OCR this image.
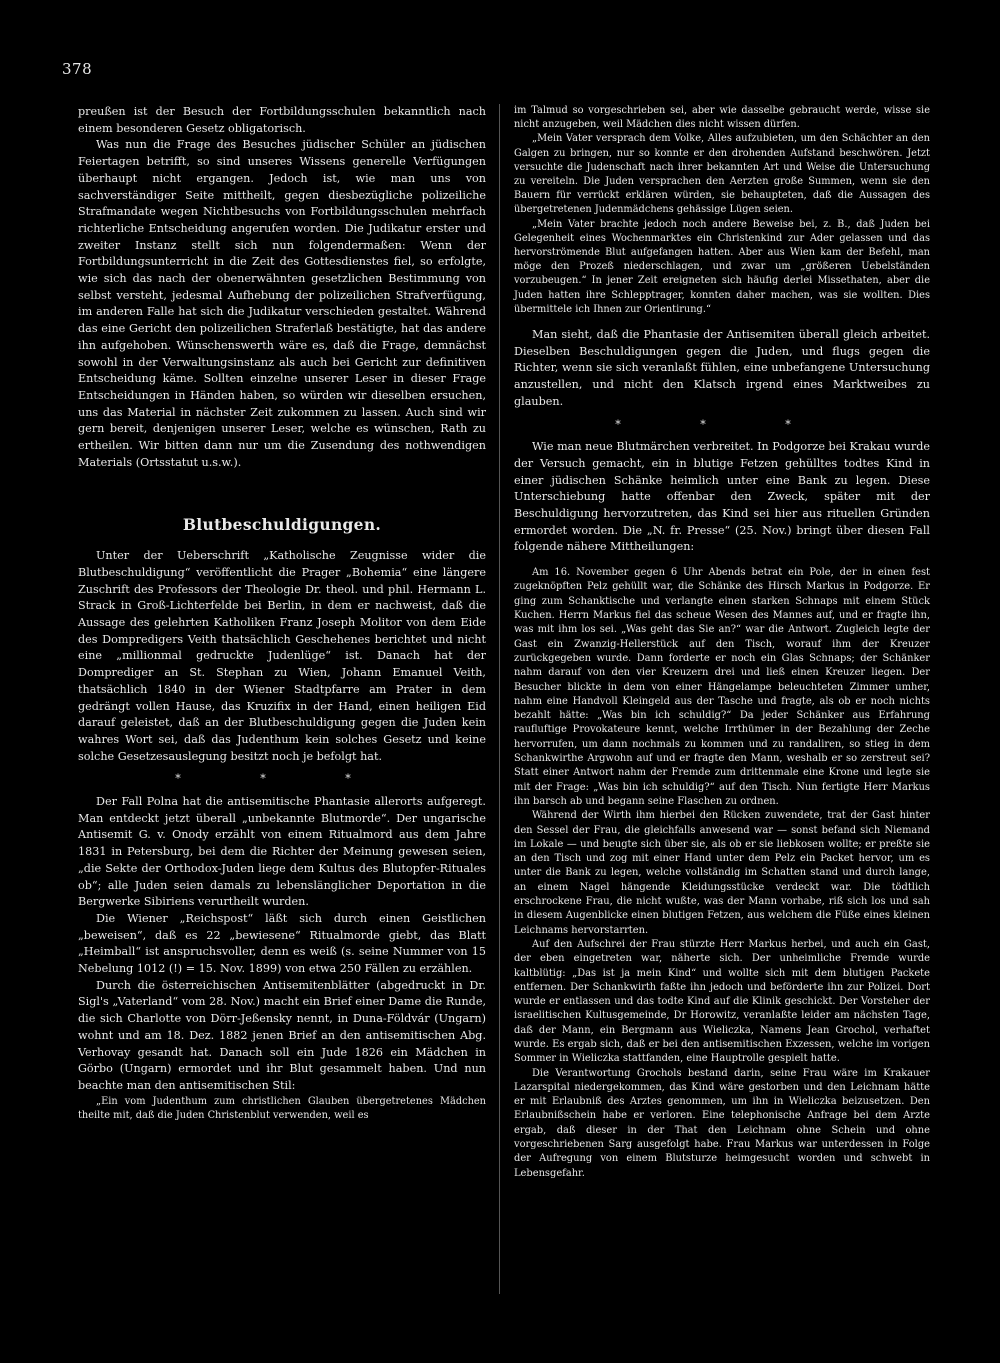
378

preußen ist der Besuch der Fortbildungsschulen bekanntlich nach einem besonderen Gesetz obligatorisch.

Was nun die Frage des Besuches jüdischer Schüler an jüdischen Feiertagen betrifft, so sind unseres Wissens generelle Verfügungen überhaupt nicht ergangen. Jedoch ist, wie man uns von sachverständiger Seite mittheilt, gegen diesbezügliche polizeiliche Strafmandate wegen Nichtbesuchs von Fortbildungsschulen mehrfach richterliche Entscheidung angerufen worden. Die Judikatur erster und zweiter Instanz stellt sich nun folgendermaßen: Wenn der Fortbildungsunterricht in die Zeit des Gottesdienstes fiel, so erfolgte, wie sich das nach der obenerwähnten gesetzlichen Bestimmung von selbst versteht, jedesmal Aufhebung der polizeilichen Strafverfügung, im anderen Falle hat sich die Judikatur verschieden gestaltet. Während das eine Gericht den polizeilichen Straferlaß bestätigte, hat das andere ihn aufgehoben. Wünschenswerth wäre es, daß die Frage, demnächst sowohl in der Verwaltungsinstanz als auch bei Gericht zur definitiven Entscheidung käme. Sollten einzelne unserer Leser in dieser Frage Entscheidungen in Händen haben, so würden wir dieselben ersuchen, uns das Material in nächster Zeit zukommen zu lassen. Auch sind wir gern bereit, denjenigen unserer Leser, welche es wünschen, Rath zu ertheilen. Wir bitten dann nur um die Zusendung des nothwendigen Materials (Ortsstatut u.s.w.).

Blutbeschuldigungen.

Unter der Ueberschrift „Katholische Zeugnisse wider die Blutbeschuldigung“ veröffentlicht die Prager „Bohemia“ eine längere Zuschrift des Professors der Theologie Dr. theol. und phil. Hermann L. Strack in Groß-Lichterfelde bei Berlin, in dem er nachweist, daß die Aussage des gelehrten Katholiken Franz Joseph Molitor von dem Eide des Dompredigers Veith thatsächlich Geschehenes berichtet und nicht eine „millionmal gedruckte Judenlüge“ ist. Danach hat der Domprediger an St. Stephan zu Wien, Johann Emanuel Veith, thatsächlich 1840 in der Wiener Stadtpfarre am Prater in dem gedrängt vollen Hause, das Kruzifix in der Hand, einen heiligen Eid darauf geleistet, daß an der Blutbeschuldigung gegen die Juden kein wahres Wort sei, daß das Judenthum kein solches Gesetz und keine solche Gesetzesauslegung besitzt noch je befolgt hat.

* * *

Der Fall Polna hat die antisemitische Phantasie allerorts aufgeregt. Man entdeckt jetzt überall „unbekannte Blutmorde“. Der ungarische Antisemit G. v. Onody erzählt von einem Ritualmord aus dem Jahre 1831 in Petersburg, bei dem die Richter der Meinung gewesen seien, „die Sekte der Orthodox-Juden liege dem Kultus des Blutopfer-Rituales ob“; alle Juden seien damals zu lebenslänglicher Deportation in die Bergwerke Sibiriens verurtheilt wurden.

Die Wiener „Reichspost“ läßt sich durch einen Geistlichen „beweisen“, daß es 22 „bewiesene“ Ritualmorde giebt, das Blatt „Heimball“ ist anspruchsvoller, denn es weiß (s. seine Nummer von 15 Nebelung 1012 (!) = 15. Nov. 1899) von etwa 250 Fällen zu erzählen.

Durch die österreichischen Antisemitenblätter (abgedruckt in Dr. Sigl's „Vaterland“ vom 28. Nov.) macht ein Brief einer Dame die Runde, die sich Charlotte von Dörr-Jeßensky nennt, in Duna-Földvár (Ungarn) wohnt und am 18. Dez. 1882 jenen Brief an den antisemitischen Abg. Verhovay gesandt hat. Danach soll ein Jude 1826 ein Mädchen in Görbo (Ungarn) ermordet und ihr Blut gesammelt haben. Und nun beachte man den antisemitischen Stil:

„Ein vom Judenthum zum christlichen Glauben übergetretenes Mädchen theilte mit, daß die Juden Christenblut verwenden, weil es

im Talmud so vorgeschrieben sei, aber wie dasselbe gebraucht werde, wisse sie nicht anzugeben, weil Mädchen dies nicht wissen dürfen.

„Mein Vater versprach dem Volke, Alles aufzubieten, um den Schächter an den Galgen zu bringen, nur so konnte er den drohenden Aufstand beschwören. Jetzt versuchte die Judenschaft nach ihrer bekannten Art und Weise die Untersuchung zu vereiteln. Die Juden versprachen den Aerzten große Summen, wenn sie den Bauern für verrückt erklären würden, sie behaupteten, daß die Aussagen des übergetretenen Judenmädchens gehässige Lügen seien.

„Mein Vater brachte jedoch noch andere Beweise bei, z. B., daß Juden bei Gelegenheit eines Wochenmarktes ein Christenkind zur Ader gelassen und das hervorströmende Blut aufgefangen hatten. Aber aus Wien kam der Befehl, man möge den Prozeß niederschlagen, und zwar um „größeren Uebelständen vorzubeugen.“ In jener Zeit ereigneten sich häufig derlei Missethaten, aber die Juden hatten ihre Schlepptrager, konnten daher machen, was sie wollten. Dies übermittele ich Ihnen zur Orientirung.“

Man sieht, daß die Phantasie der Antisemiten überall gleich arbeitet. Dieselben Beschuldigungen gegen die Juden, und flugs gegen die Richter, wenn sie sich veranlaßt fühlen, eine unbefangene Untersuchung anzustellen, und nicht den Klatsch irgend eines Marktweibes zu glauben.

* * *

Wie man neue Blutmärchen verbreitet. In Podgorze bei Krakau wurde der Versuch gemacht, ein in blutige Fetzen gehülltes todtes Kind in einer jüdischen Schänke heimlich unter eine Bank zu legen. Diese Unterschiebung hatte offenbar den Zweck, später mit der Beschuldigung hervorzutreten, das Kind sei hier aus rituellen Gründen ermordet worden. Die „N. fr. Presse“ (25. Nov.) bringt über diesen Fall folgende nähere Mittheilungen:

Am 16. November gegen 6 Uhr Abends betrat ein Pole, der in einen fest zugeknöpften Pelz gehüllt war, die Schänke des Hirsch Markus in Podgorze. Er ging zum Schanktische und verlangte einen starken Schnaps mit einem Stück Kuchen. Herrn Markus fiel das scheue Wesen des Mannes auf, und er fragte ihn, was mit ihm los sei. „Was geht das Sie an?“ war die Antwort. Zugleich legte der Gast ein Zwanzig-Hellerstück auf den Tisch, worauf ihm der Kreuzer zurückgegeben wurde. Dann forderte er noch ein Glas Schnaps; der Schänker nahm darauf von den vier Kreuzern drei und ließ einen Kreuzer liegen. Der Besucher blickte in dem von einer Hängelampe beleuchteten Zimmer umher, nahm eine Handvoll Kleingeld aus der Tasche und fragte, als ob er noch nichts bezahlt hätte: „Was bin ich schuldig?“ Da jeder Schänker aus Erfahrung raufluftige Provokateure kennt, welche Irrthümer in der Bezahlung der Zeche hervorrufen, um dann nochmals zu kommen und zu randaliren, so stieg in dem Schankwirthe Argwohn auf und er fragte den Mann, weshalb er so zerstreut sei? Statt einer Antwort nahm der Fremde zum drittenmale eine Krone und legte sie mit der Frage: „Was bin ich schuldig?“ auf den Tisch. Nun fertigte Herr Markus ihn barsch ab und begann seine Flaschen zu ordnen.

Während der Wirth ihm hierbei den Rücken zuwendete, trat der Gast hinter den Sessel der Frau, die gleichfalls anwesend war — sonst befand sich Niemand im Lokale — und beugte sich über sie, als ob er sie liebkosen wollte; er preßte sie an den Tisch und zog mit einer Hand unter dem Pelz ein Packet hervor, um es unter die Bank zu legen, welche vollständig im Schatten stand und durch lange, an einem Nagel hängende Kleidungsstücke verdeckt war. Die tödtlich erschrockene Frau, die nicht wußte, was der Mann vorhabe, riß sich los und sah in diesem Augenblicke einen blutigen Fetzen, aus welchem die Füße eines kleinen Leichnams hervorstarrten.

Auf den Aufschrei der Frau stürzte Herr Markus herbei, und auch ein Gast, der eben eingetreten war, näherte sich. Der unheimliche Fremde wurde kaltblütig: „Das ist ja mein Kind“ und wollte sich mit dem blutigen Packete entfernen. Der Schankwirth faßte ihn jedoch und beförderte ihn zur Polizei. Dort wurde er entlassen und das todte Kind auf die Klinik geschickt. Der Vorsteher der israelitischen Kultusgemeinde, Dr Horowitz, veranlaßte leider am nächsten Tage, daß der Mann, ein Bergmann aus Wieliczka, Namens Jean Grochol, verhaftet wurde. Es ergab sich, daß er bei den antisemitischen Exzessen, welche im vorigen Sommer in Wieliczka stattfanden, eine Hauptrolle gespielt hatte.

Die Verantwortung Grochols bestand darin, seine Frau wäre im Krakauer Lazarspital niedergekommen, das Kind wäre gestorben und den Leichnam hätte er mit Erlaubniß des Arztes genommen, um ihn in Wieliczka beizusetzen. Den Erlaubnißschein habe er verloren. Eine telephonische Anfrage bei dem Arzte ergab, daß dieser in der That den Leichnam ohne Schein und ohne vorgeschriebenen Sarg ausgefolgt habe. Frau Markus war unterdessen in Folge der Aufregung von einem Blutsturze heimgesucht worden und schwebt in Lebensgefahr.
